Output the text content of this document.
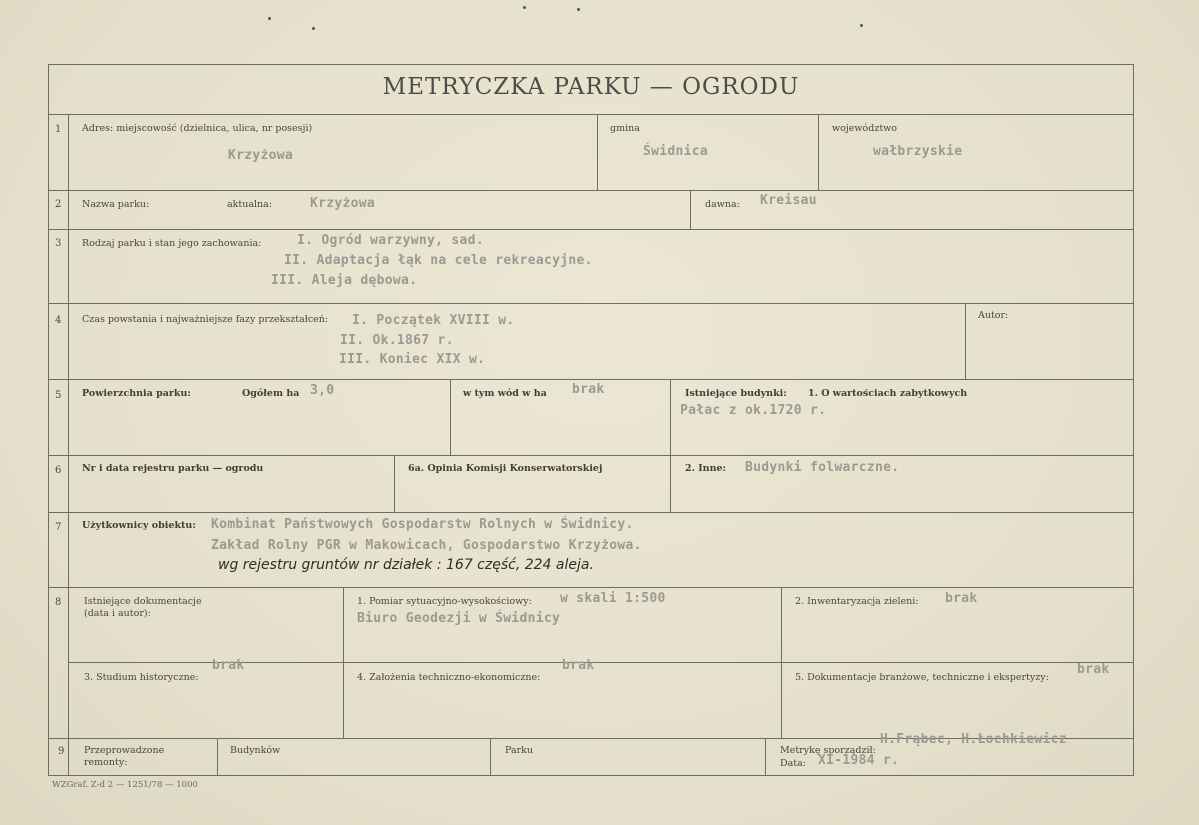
METRYCZKA PARKU — OGRODU
1 Adres: miejscowość (dzielnica, ulica, nr posesji)
Krzyżowa
gmina
Świdnica
województwo
wałbrzyskie
2 Nazwa parku:	aktualna:	Krzyżowa	dawna: Kreisau
3 Rodzaj parku i stan jego zachowania:	I. Ogród warzywny, sad.
II. Adaptacja łąk na cele rekreacyjne.
III. Aleja dębowa.
4 Czas powstania i najważniejsze fazy przekształceń: I. Początek XVIII w.
II. Ok.1867 r.
III. Koniec XIX w.
Autor:
5 Powierzchnia parku:	Ogółem ha 3,0	w tym wód w ha brak	Istniejące budynki: 1. O wartościach zabytkowych
Pałac z ok.1720 r.
6 Nr i data rejestru parku — ogrodu	6a. Opinia Komisji Konserwatorskiej	2. Inne: Budynki folwarczne.
7 Użytkownicy obiektu: Kombinat Państwowych Gospodarstw Rolnych w Świdnicy.
Zakład Rolny PGR w Makowicach, Gospodarstwo Krzyżowa.
wg rejestru gruntów nr działek : 167 część, 224 aleja.
8 Istniejące dokumentacje
(data i autor):
1. Pomiar sytuacyjno-wysokościowy: w skali 1:500
Biuro Geodezji w Świdnicy
2. Inwentaryzacja zieleni: brak
3. Studium historyczne:
brak
4. Założenia techniczno-ekonomiczne:
brak
5. Dokumentacje branżowe, techniczne i ekspertyzy:
brak
9 Przeprowadzone
remonty:
Budynków	Parku	Metrykę sporządził:
H.Frąbec, H.Łochkiewicz
Data: XI-1984 r.
WZGraf. Z-d 2 — 1251/78 — 1000
